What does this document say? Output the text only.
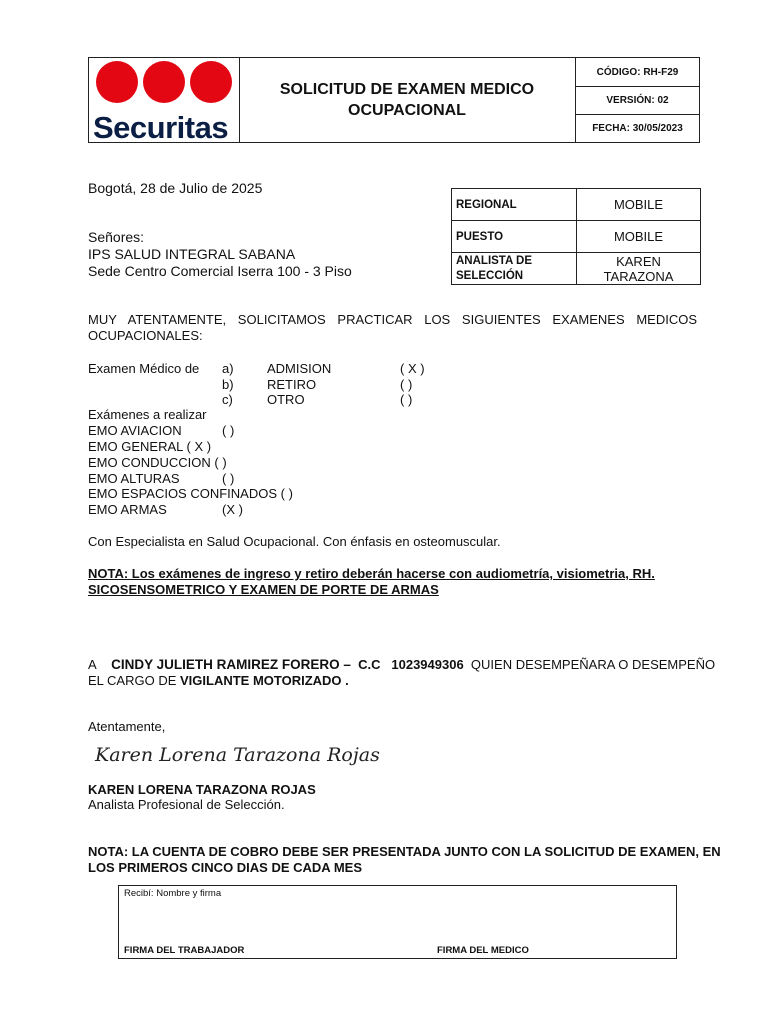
Securitas
SOLICITUD DE EXAMEN MEDICO
OCUPACIONAL
CÓDIGO: RH-F29
VERSIÓN: 02
FECHA: 30/05/2023
Bogotá, 28 de Julio de 2025
Señores:
IPS SALUD INTEGRAL SABANA
Sede Centro Comercial Iserra 100 - 3 Piso
REGIONAL	MOBILE
PUESTO	MOBILE
ANALISTA DE SELECCIÓN	KAREN TARAZONA
MUY ATENTAMENTE, SOLICITAMOS PRACTICAR LOS SIGUIENTES EXAMENES MEDICOS
OCUPACIONALES:
Examen Médico de a)	ADMISION	( X )
b)	RETIRO	( )
c)	OTRO	( )
Exámenes a realizar
EMO AVIACION	( )
EMO GENERAL ( X )
EMO CONDUCCION ( )
EMO ALTURAS	( )
EMO ESPACIOS CONFINADOS ( )
EMO ARMAS	(X )
Con Especialista en Salud Ocupacional. Con énfasis en osteomuscular.
NOTA: Los exámenes de ingreso y retiro deberán hacerse con audiometría, visiometria, RH.
SICOSENSOMETRICO Y EXAMEN DE PORTE DE ARMAS
A CINDY JULIETH RAMIREZ FORERO – C.C 1023949306 QUIEN DESEMPEÑARA O DESEMPEÑO
EL CARGO DE VIGILANTE MOTORIZADO .
Atentamente,
Karen Lorena Tarazona Rojas
KAREN LORENA TARAZONA ROJAS
Analista Profesional de Selección.
NOTA: LA CUENTA DE COBRO DEBE SER PRESENTADA JUNTO CON LA SOLICITUD DE EXAMEN, EN
LOS PRIMEROS CINCO DIAS DE CADA MES
Recibí: Nombre y firma
FIRMA DEL TRABAJADOR	FIRMA DEL MEDICO
